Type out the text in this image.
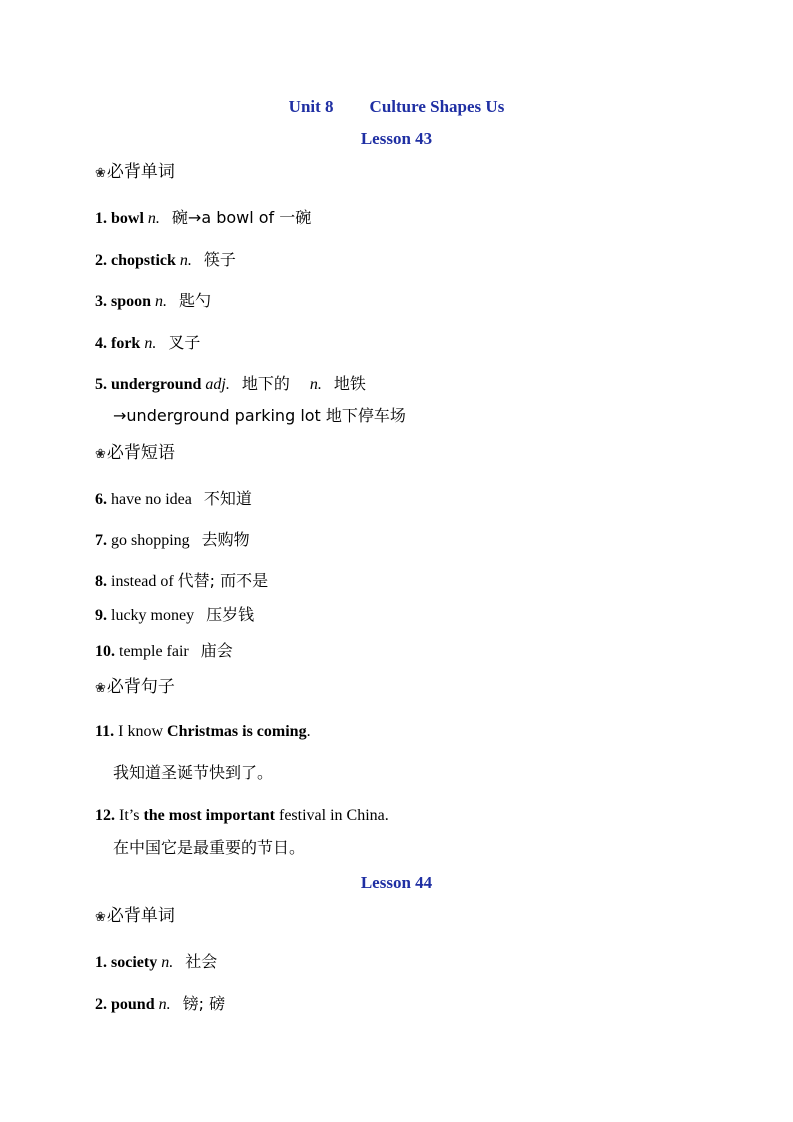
Unit 8 Culture Shapes Us
Lesson 43
❀必背单词
1. bowl n. 碗→a bowl of 一碗
2. chopstick n. 筷子
3. spoon n. 匙勺
4. fork n. 叉子
5. underground adj. 地下的 n. 地铁
→underground parking lot 地下停车场
❀必背短语
6. have no idea 不知道
7. go shopping 去购物
8. instead of 代替; 而不是
9. lucky money 压岁钱
10. temple fair 庙会
❀必背句子
11. I know Christmas is coming.
我知道圣诞节快到了。
12. It’s the most important festival in China.
在中国它是最重要的节日。
Lesson 44
❀必背单词
1. society n. 社会
2. pound n. 镑; 磅
